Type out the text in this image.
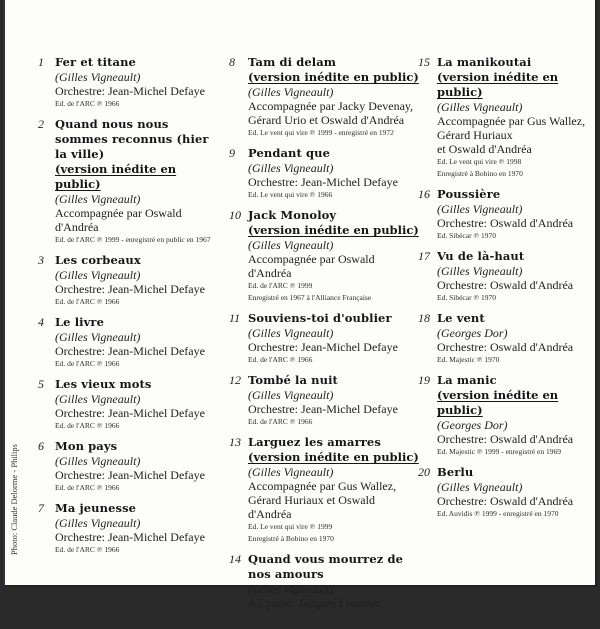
Photo: Claude Delorme - Philips
1 Fer et titane
(Gilles Vigneault)
Orchestre: Jean-Michel Defaye
Ed. de l'ARC ℗ 1966
2 Quand nous nous sommes reconnus (hier la ville)
(version inédite en public)
(Gilles Vigneault)
Accompagnée par Oswald d'Andréa
Ed. de l'ARC ℗ 1999 - enregistré en public en 1967
3 Les corbeaux
(Gilles Vigneault)
Orchestre: Jean-Michel Defaye
Ed. de l'ARC ℗ 1966
4 Le livre
(Gilles Vigneault)
Orchestre: Jean-Michel Defaye
Ed. de l'ARC ℗ 1966
5 Les vieux mots
(Gilles Vigneault)
Orchestre: Jean-Michel Defaye
Ed. de l'ARC ℗ 1966
6 Mon pays
(Gilles Vigneault)
Orchestre: Jean-Michel Defaye
Ed. de l'ARC ℗ 1966
7 Ma jeunesse
(Gilles Vigneault)
Orchestre: Jean-Michel Defaye
Ed. de l'ARC ℗ 1966
8	Tam di delam
(version inédite en public)
(Gilles Vigneault)
Accompagnée par Jacky Devenay,
Gérard Urio et Oswald d'Andréa
Ed. Le vent qui vire ℗ 1999 - enregistré en 1972
9	Pendant que
(Gilles Vigneault)
Orchestre: Jean-Michel Defaye
Ed. Le vent qui vire ℗ 1966
10 Jack Monoloy
(version inédite en public)
(Gilles Vigneault)
Accompagnée par Oswald d'Andréa
Ed. de l'ARC ℗ 1999
Enregistré en 1967 à l'Alliance Française
11 Souviens-toi d'oublier
(Gilles Vigneault)
Orchestre: Jean-Michel Defaye
Ed. de l'ARC ℗ 1966
12 Tombé la nuit
(Gilles Vigneault)
Orchestre: Jean-Michel Defaye
Ed. de l'ARC ℗ 1966
13 Larguez les amarres
(version inédite en public)
(Gilles Vigneault)
Accompagnée par Gus Wallez,
Gérard Huriaux et Oswald d'Andréa
Ed. Le vent qui vire ℗ 1999
Enregistré à Bobino en 1970
14 Quand vous mourrez de nos amours
(Gilles Vigneault)
Au piano: Jacques Loussier
℗ 1964
15 La manikoutai
(version inédite en public)
(Gilles Vigneault)
Accompagnée par Gus Wallez,
Gérard Huriaux
et Oswald d'Andréa
Ed. Le vent qui vire ℗ 1998
Enregistré à Bobino en 1970
16 Poussière
(Gilles Vigneault)
Orchestre: Oswald d'Andréa
Ed. Sibécar ℗ 1970
17 Vu de là-haut
(Gilles Vigneault)
Orchestre: Oswald d'Andréa
Ed. Sibécar ℗ 1970
18 Le vent
(Georges Dor)
Orchestre: Oswald d'Andréa
Ed. Majestic ℗ 1970
19 La manic
(version inédite en public)
(Georges Dor)
Orchestre: Oswald d'Andréa
Ed. Majestic ℗ 1999 - enregistré en 1969
20 Berlu
(Gilles Vigneault)
Orchestre: Oswald d'Andréa
Ed. Auvidis ℗ 1999 - enregistré en 1970
